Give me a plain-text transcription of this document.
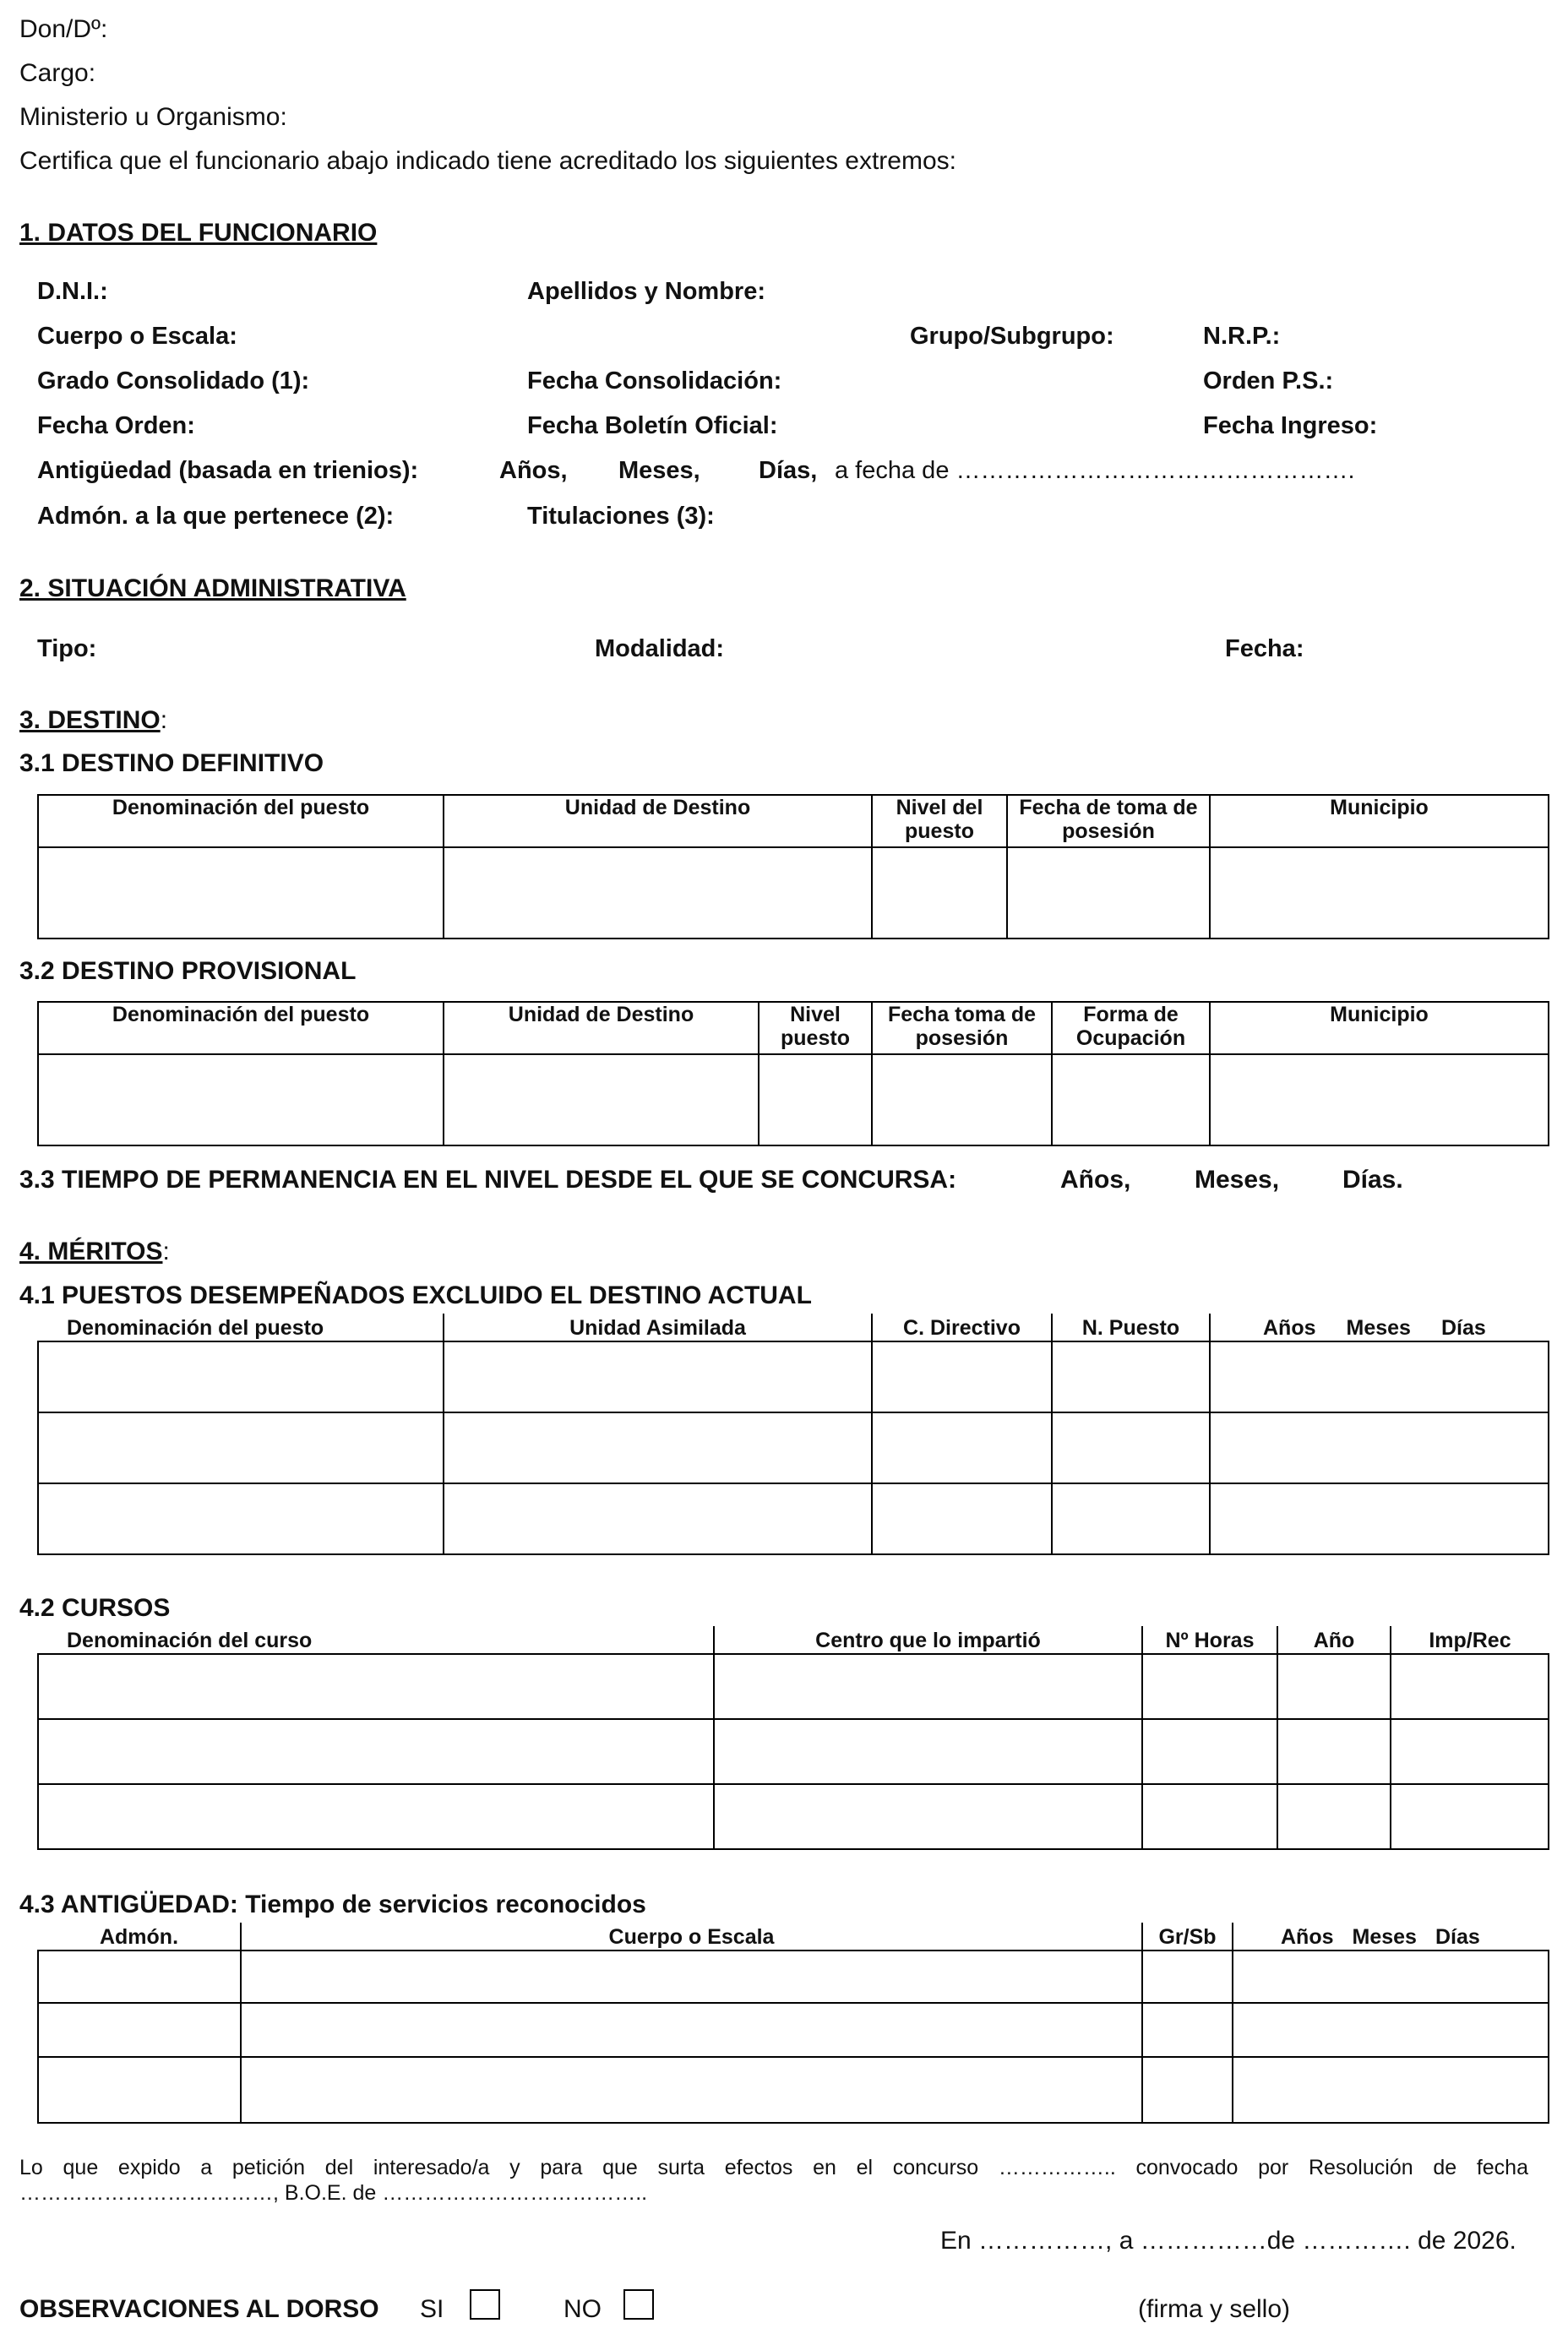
Don/Dº:
Cargo:
Ministerio u Organismo:
Certifica que el funcionario abajo indicado tiene acreditado los siguientes extremos:
1. DATOS DEL FUNCIONARIO
D.N.I.:	Apellidos y Nombre:
Cuerpo o Escala:	Grupo/Subgrupo:	N.R.P.:
Grado Consolidado (1):	Fecha Consolidación:	Orden P.S.:
Fecha Orden:	Fecha Boletín Oficial:	Fecha Ingreso:
Antigüedad (basada en trienios):	Años, Meses, Días, a fecha de ………………………………………….
Admón. a la que pertenece (2):	Titulaciones (3):
2. SITUACIÓN ADMINISTRATIVA
Tipo:	Modalidad:	Fecha:
3. DESTINO:
3.1 DESTINO DEFINITIVO
Denominación del puesto	Unidad de Destino	Nivel del puesto	Fecha de toma de posesión	Municipio

3.2 DESTINO PROVISIONAL
Denominación del puesto	Unidad de Destino	Nivel puesto	Fecha toma de posesión	Forma de Ocupación	Municipio

3.3 TIEMPO DE PERMANENCIA EN EL NIVEL DESDE EL QUE SE CONCURSA:	Años,	Meses, Días.
4. MÉRITOS:
4.1 PUESTOS DESEMPEÑADOS EXCLUIDO EL DESTINO ACTUAL
Denominación del puesto	Unidad Asimilada	C. Directivo	N. Puesto	Años Meses Días

4.2 CURSOS
Denominación del curso	Centro que lo impartió	Nº Horas	Año	Imp/Rec

4.3 ANTIGÜEDAD: Tiempo de servicios reconocidos
Admón.	Cuerpo o Escala	Gr/Sb	Años Meses Días

Lo que expido a petición del interesado/a y para que surta efectos en el concurso …………….. convocado por Resolución de fecha
………………………………, B.O.E. de ………………………………..
En ……………, a ……………de …………. de 2026.
OBSERVACIONES AL DORSO SI	NO	(firma y sello)
